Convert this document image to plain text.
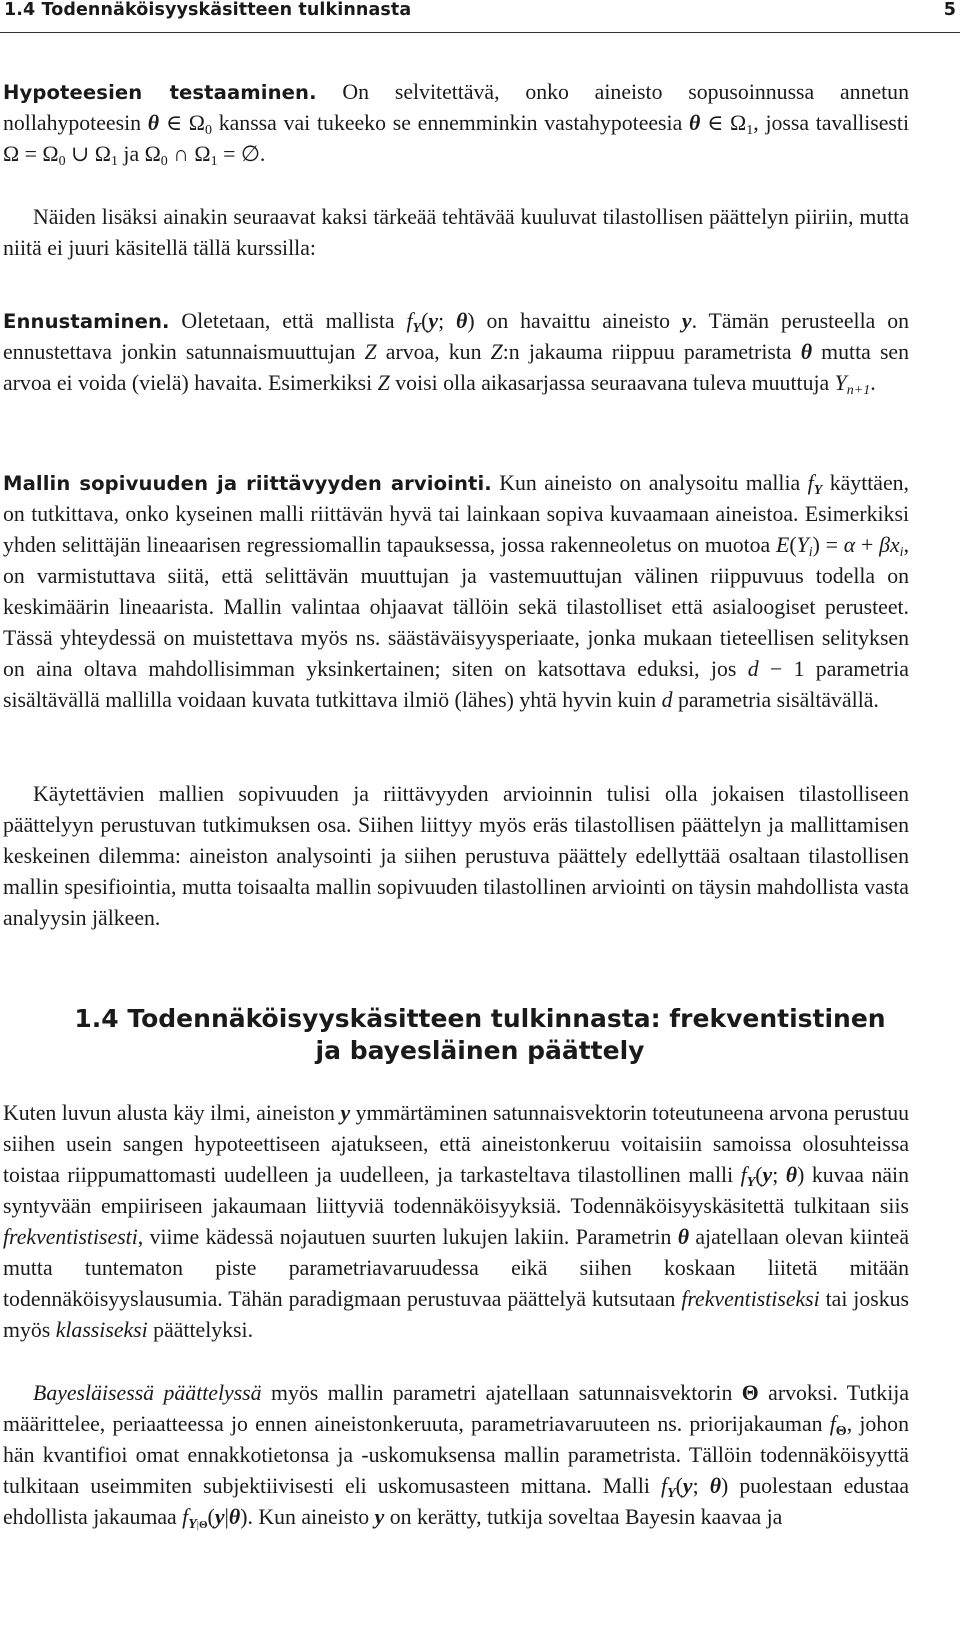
1.4 Todennäköisyyskäsitteen tulkinnasta	5

Hypoteesien testaaminen. On selvitettävä, onko aineisto sopusoinnussa annetun nollahypoteesin θ ∈ $\Omega_0$ kanssa vai tukeeko se ennemminkin vastahypoteesia θ ∈ $\Omega_1$, jossa tavallisesti $\Omega = \Omega_0$ ∪ $\Omega_1$ ja $\Omega_0$ ∩ $\Omega_1$ = ∅.

Näiden lisäksi ainakin seuraavat kaksi tärkeää tehtävää kuuluvat tilastollisen päättelyn piiriin, mutta niitä ei juuri käsitellä tällä kurssilla:

Ennustaminen. Oletetaan, että mallista $f_Y(y$; θ) on havaittu aineisto y. Tämän perusteella on ennustettava jonkin satunnaismuuttujan Z arvoa, kun Z:n jakauma riippuu parametrista θ mutta sen arvoa ei voida (vielä) havaita. Esimerkiksi Z voisi olla aikasarjassa seuraavana tuleva muuttuja $Y_{n+1}$.

Mallin sopivuuden ja riittävyyden arviointi. Kun aineisto on analysoitu mallia $f_Y$ käyttäen, on tutkittava, onko kyseinen malli riittävän hyvä tai lainkaan sopiva kuvaamaan aineistoa. Esimerkiksi yhden selittäjän lineaarisen regressiomallin tapauksessa, jossa rakenneoletus on muotoa $E(Y_i) = \alpha + \beta x_i$, on varmistuttava siitä, että selittävän muuttujan ja vastemuuttujan välinen riippuvuus todella on keskimäärin lineaarista. Mallin valintaa ohjaavat tällöin sekä tilastolliset että asialoogiset perusteet. Tässä yhteydessä on muistettava myös ns. säästäväisyysperiaate, jonka mukaan tieteellisen selityksen on aina oltava mahdollisimman yksinkertainen; siten on katsottava eduksi, jos d − 1 parametria sisältävällä mallilla voidaan kuvata tutkittava ilmiö (lähes) yhtä hyvin kuin d parametria sisältävällä.

Käytettävien mallien sopivuuden ja riittävyyden arvioinnin tulisi olla jokaisen tilastolliseen päättelyyn perustuvan tutkimuksen osa. Siihen liittyy myös eräs tilastollisen päättelyn ja mallittamisen keskeinen dilemma: aineiston analysointi ja siihen perustuva päättely edellyttää osaltaan tilastollisen mallin spesifiointia, mutta toisaalta mallin sopivuuden tilastollinen arviointi on täysin mahdollista vasta analyysin jälkeen.

1.4 Todennäköisyyskäsitteen tulkinnasta: frekventistinen
ja bayesläinen päättely

Kuten luvun alusta käy ilmi, aineiston y ymmärtäminen satunnaisvektorin toteutuneena arvona perustuu siihen usein sangen hypoteettiseen ajatukseen, että aineistonkeruu voitaisiin samoissa olosuhteissa toistaa riippumattomasti uudelleen ja uudelleen, ja tarkasteltava tilastollinen malli $f_Y(y$; θ) kuvaa näin syntyvään empiiriseen jakaumaan liittyviä todennäköisyyksiä. Todennäköisyyskäsitettä tulkitaan siis frekventistisesti, viime kädessä nojautuen suurten lukujen lakiin. Parametrin θ ajatellaan olevan kiinteä mutta tuntematon piste parametriavaruudessa eikä siihen koskaan liitetä mitään todennäköisyyslausumia. Tähän paradigmaan perustuvaa päättelyä kutsutaan frekventistiseksi tai joskus myös klassiseksi päättelyksi.

Bayesläisessä päättelyssä myös mallin parametri ajatellaan satunnaisvektorin Θ arvoksi. Tutkija määrittelee, periaatteessa jo ennen aineistonkeruuta, parametriavaruuteen ns. priorijakauman $f_\Theta$, johon hän kvantifioi omat ennakkotietonsa ja -uskomuksensa mallin parametrista. Tällöin todennäköisyyttä tulkitaan useimmiten subjektiivisesti eli uskomusasteen mittana. Malli $f_Y(y$; θ) puolestaan edustaa ehdollista jakaumaa $f_{Y|\Theta}(y|\theta)$. Kun aineisto y on kerätty, tutkija soveltaa Bayesin kaavaa ja
